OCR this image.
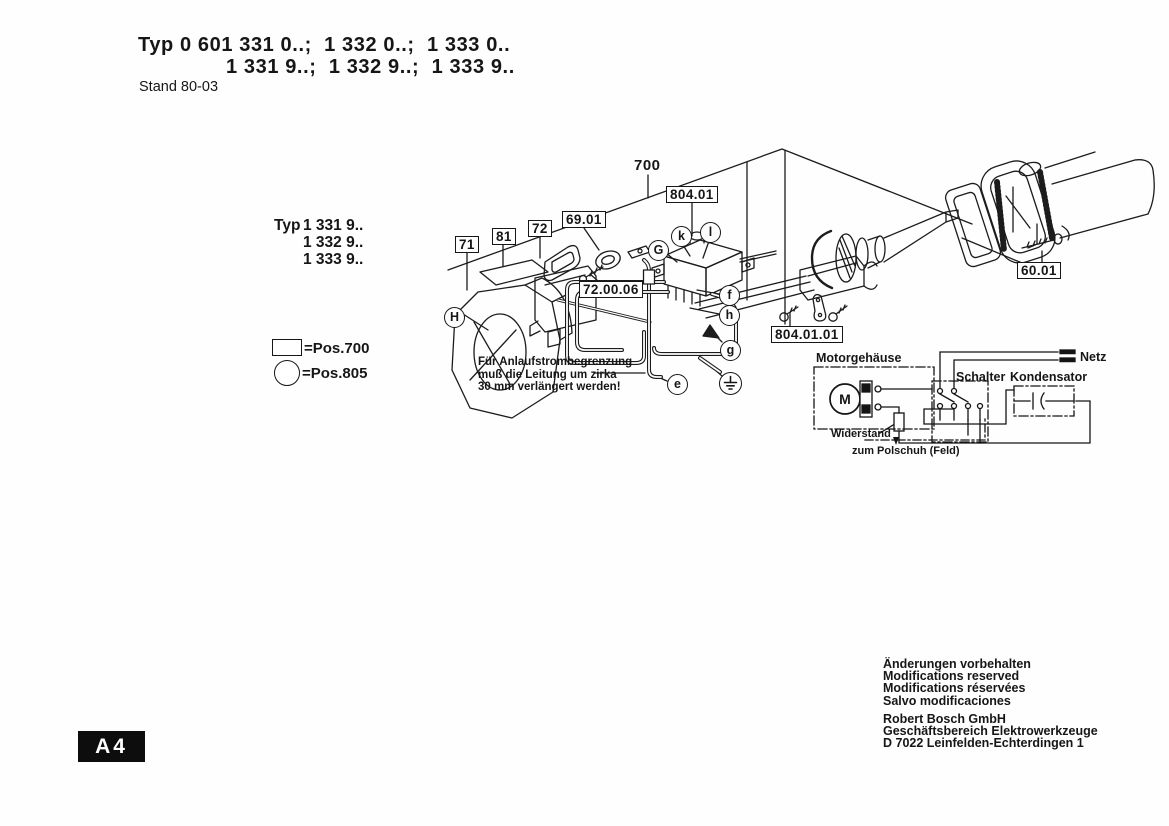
Typ 0 601 331 0..;  1 332 0..;  1 333 0..
1 331 9..;  1 332 9..;  1 333 9..
Stand 80-03
Typ 1 331 9..
1 332 9..
1 333 9..
=Pos.700
=Pos.805
71
81
72
69.01
804.01
72.00.06
804.01.01
60.01
700
H
G
k	l
f
h
g
e
Für Anlaufstrombegrenzung
muß die Leitung um zirka
30 mm verlängert werden!
Motorgehäuse
M
Schalter Kondensator
Netz
Widerstand
zum Polschuh (Feld)
Änderungen vorbehalten
Modifications reserved
Modifications réservées
Salvo modificaciones
Robert Bosch GmbH
Geschäftsbereich Elektrowerkzeuge
D 7022 Leinfelden-Echterdingen 1
A4
